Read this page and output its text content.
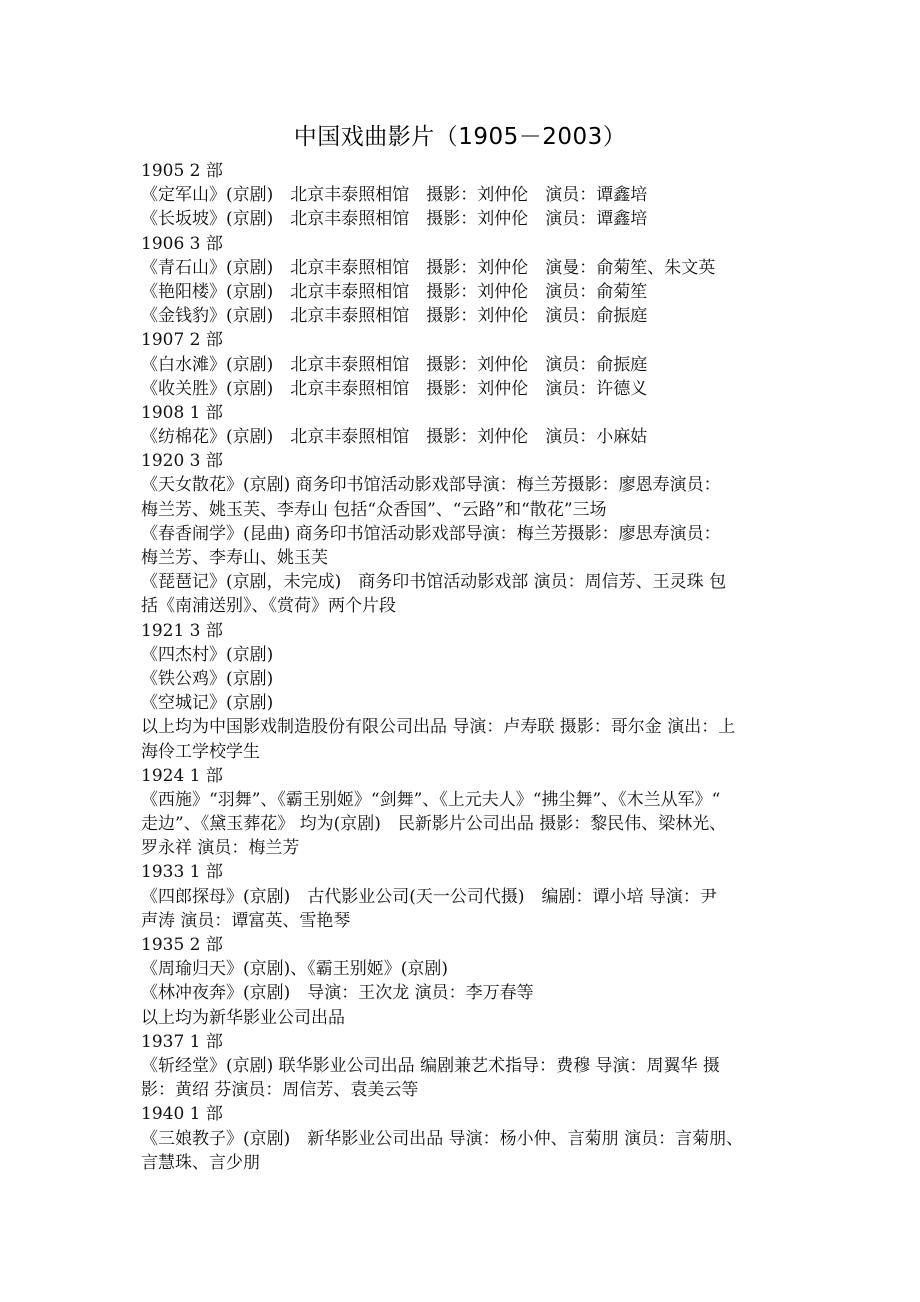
中国戏曲影片（1905－2003）
1905 2 部
《定军山》(京剧)　北京丰泰照相馆　摄影：刘仲伦　演员：谭鑫培
《长坂坡》(京剧)　北京丰泰照相馆　摄影：刘仲伦　演员：谭鑫培
1906 3 部
《青石山》(京剧)　北京丰泰照相馆　摄影：刘仲伦　演曼：俞菊笙、朱文英
《艳阳楼》(京剧)　北京丰泰照相馆　摄影：刘仲伦　演员：俞菊笙
《金钱豹》(京剧)　北京丰泰照相馆　摄影：刘仲伦　演员：俞振庭
1907 2 部
《白水滩》(京剧)　北京丰泰照相馆　摄影：刘仲伦　演员：俞振庭
《收关胜》(京剧)　北京丰泰照相馆　摄影：刘仲伦　演员：许德义
1908 1 部
《纺棉花》(京剧)　北京丰泰照相馆　摄影：刘仲伦　演员：小麻姑
1920 3 部
《天女散花》(京剧) 商务印书馆活动影戏部导演：梅兰芳摄影：廖恩寿演员：
梅兰芳、姚玉芙、李寿山 包括“众香国”、“云路”和“散花”三场
《春香闹学》(昆曲) 商务印书馆活动影戏部导演：梅兰芳摄影：廖思寿演员：
梅兰芳、李寿山、姚玉芙
《琵琶记》(京剧，未完成)　商务印书馆活动影戏部 演员：周信芳、王灵珠 包
括《南浦送别》、《赏荷》两个片段
1921 3 部
《四杰村》(京剧)
《铁公鸡》(京剧)
《空城记》(京剧)
以上均为中国影戏制造股份有限公司出品 导演：卢寿联 摄影：哥尔金 演出：上
海伶工学校学生
1924 1 部
《西施》“羽舞”、《霸王别姬》“剑舞”、《上元夫人》“拂尘舞”、《木兰从军》“
走边”、《黛玉葬花》 均为(京剧)　民新影片公司出品 摄影：黎民伟、梁林光、
罗永祥 演员：梅兰芳
1933 1 部
《四郎探母》(京剧)　古代影业公司(天一公司代摄)　编剧：谭小培 导演：尹
声涛 演员：谭富英、雪艳琴
1935 2 部
《周瑜归天》(京剧)、《霸王别姬》(京剧)
《林冲夜奔》(京剧)　导演：王次龙 演员：李万春等
以上均为新华影业公司出品
1937 1 部
《斩经堂》(京剧) 联华影业公司出品 编剧兼艺术指导：费穆 导演：周翼华 摄
影：黄绍 芬演员：周信芳、袁美云等
1940 1 部
《三娘教子》(京剧)　新华影业公司出品 导演：杨小仲、言菊朋 演员：言菊朋、
言慧珠、言少朋
